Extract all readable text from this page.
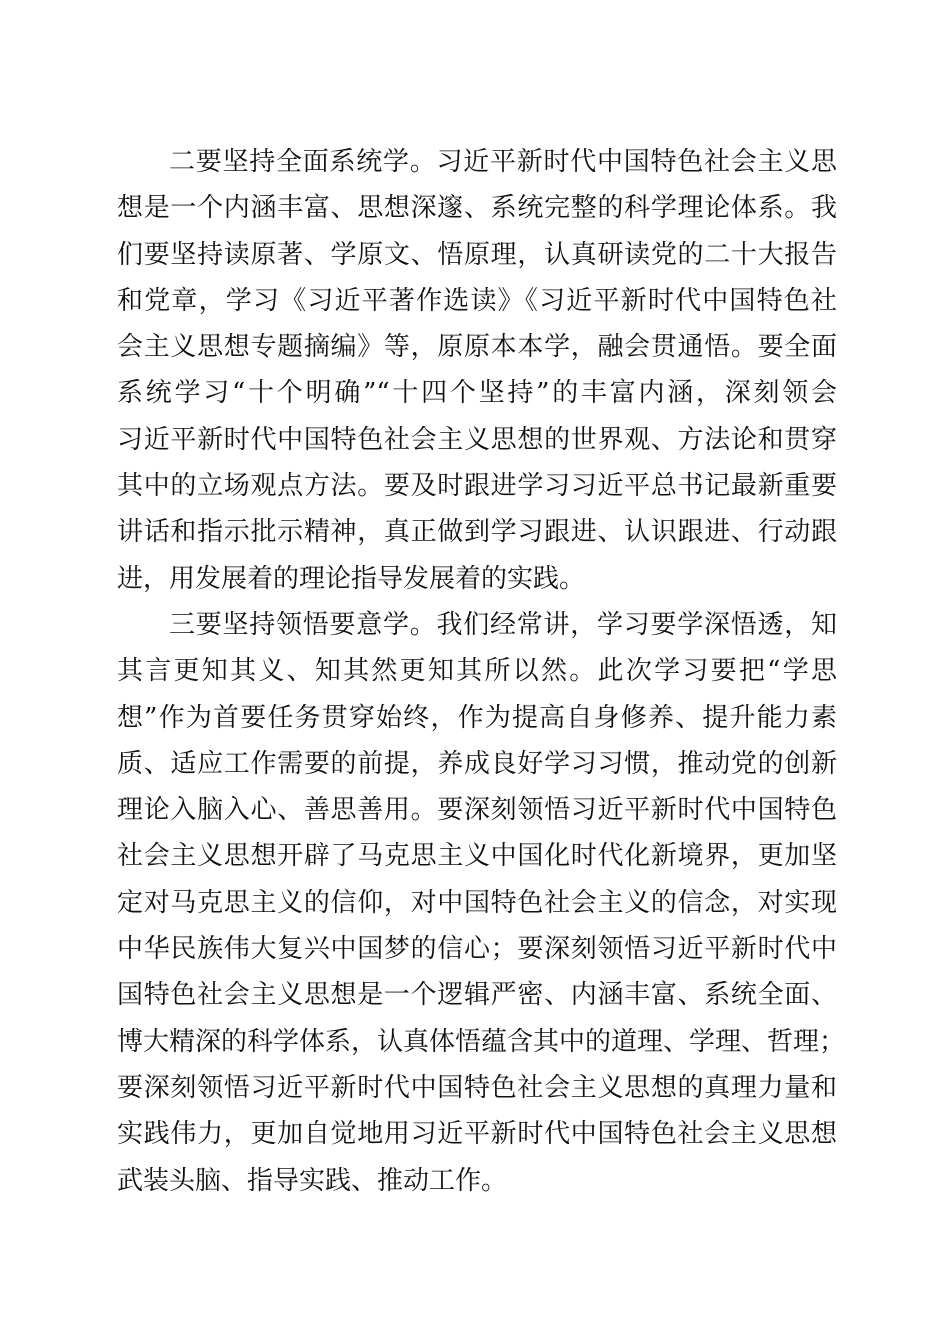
二要坚持全面系统学。习近平新时代中国特色社会主义思
想是一个内涵丰富、思想深邃、系统完整的科学理论体系。我
们要坚持读原著、学原文、悟原理，认真研读党的二十大报告
和党章，学习《习近平著作选读》《习近平新时代中国特色社
会主义思想专题摘编》等，原原本本学，融会贯通悟。要全面
系统学习“十个明确”“十四个坚持”的丰富内涵，深刻领会
习近平新时代中国特色社会主义思想的世界观、方法论和贯穿
其中的立场观点方法。要及时跟进学习习近平总书记最新重要
讲话和指示批示精神，真正做到学习跟进、认识跟进、行动跟
进，用发展着的理论指导发展着的实践。
三要坚持领悟要意学。我们经常讲，学习要学深悟透，知
其言更知其义、知其然更知其所以然。此次学习要把“学思
想”作为首要任务贯穿始终，作为提高自身修养、提升能力素
质、适应工作需要的前提，养成良好学习习惯，推动党的创新
理论入脑入心、善思善用。要深刻领悟习近平新时代中国特色
社会主义思想开辟了马克思主义中国化时代化新境界，更加坚
定对马克思主义的信仰，对中国特色社会主义的信念，对实现
中华民族伟大复兴中国梦的信心；要深刻领悟习近平新时代中
国特色社会主义思想是一个逻辑严密、内涵丰富、系统全面、
博大精深的科学体系，认真体悟蕴含其中的道理、学理、哲理；
要深刻领悟习近平新时代中国特色社会主义思想的真理力量和
实践伟力，更加自觉地用习近平新时代中国特色社会主义思想
武装头脑、指导实践、推动工作。
